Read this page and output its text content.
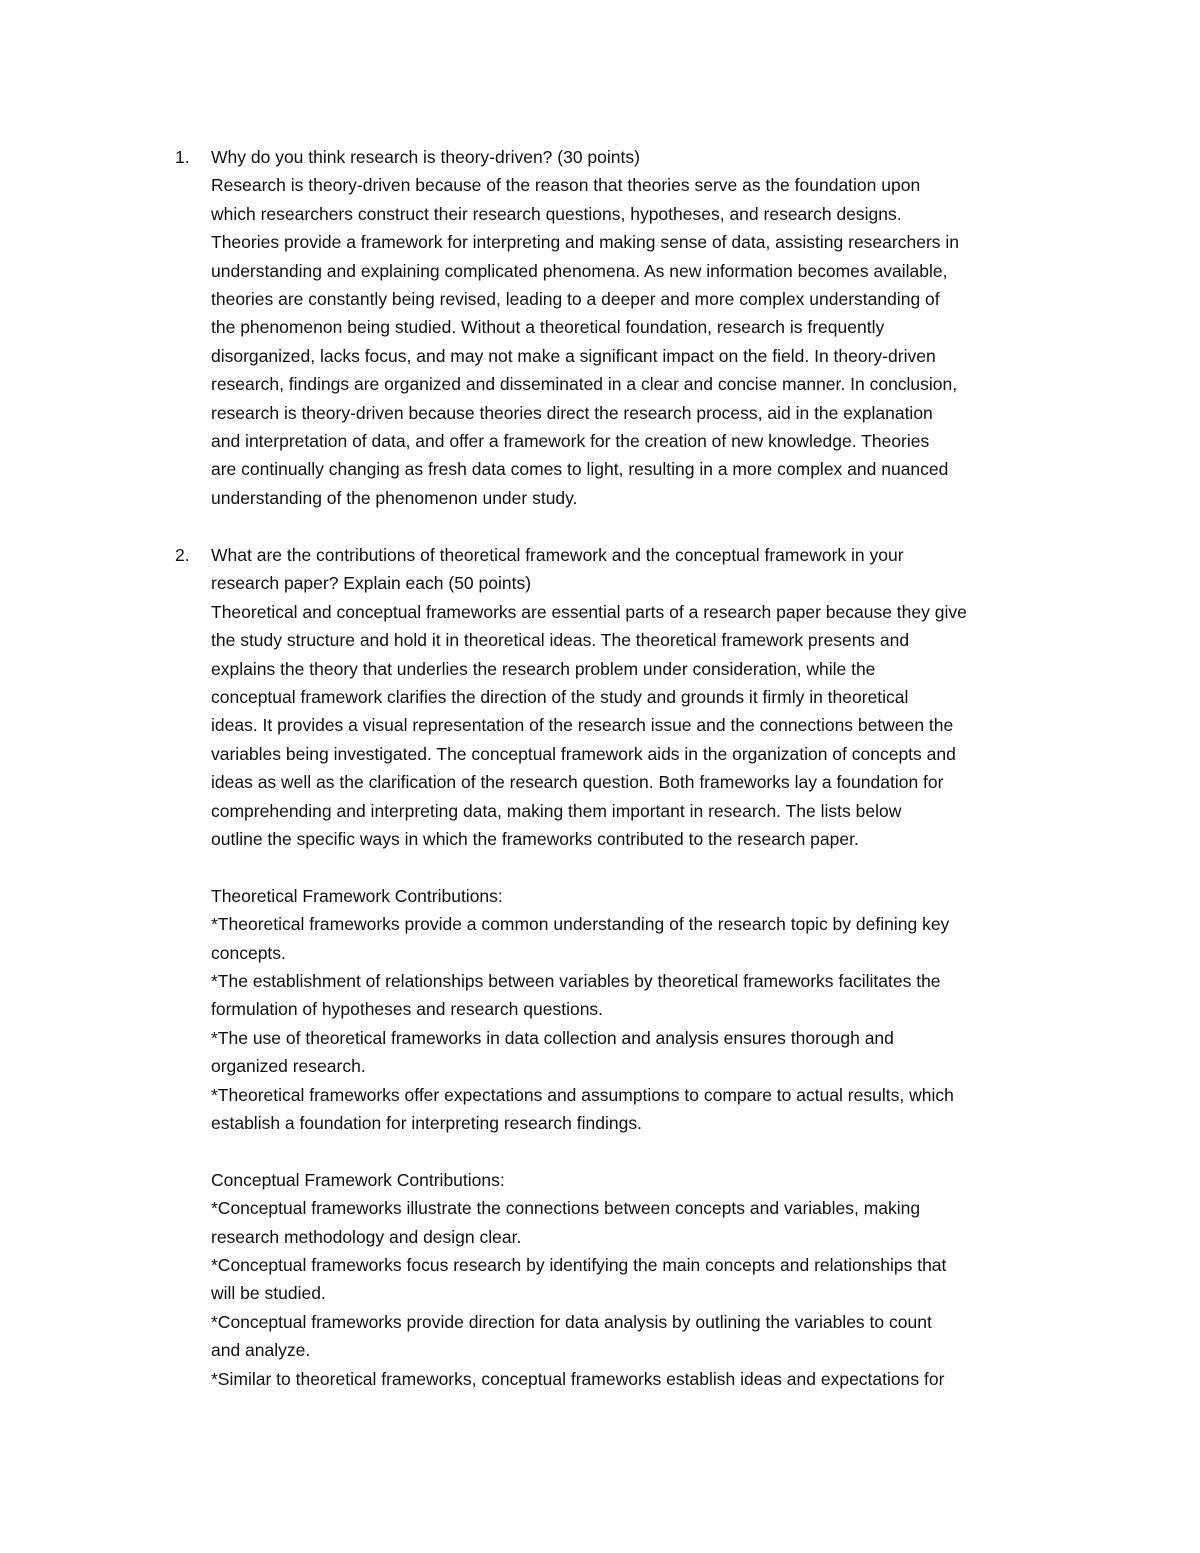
1. Why do you think research is theory-driven? (30 points)
Research is theory-driven because of the reason that theories serve as the foundation upon
which researchers construct their research questions, hypotheses, and research designs.
Theories provide a framework for interpreting and making sense of data, assisting researchers in
understanding and explaining complicated phenomena. As new information becomes available,
theories are constantly being revised, leading to a deeper and more complex understanding of
the phenomenon being studied. Without a theoretical foundation, research is frequently
disorganized, lacks focus, and may not make a significant impact on the field. In theory-driven
research, findings are organized and disseminated in a clear and concise manner. In conclusion,
research is theory-driven because theories direct the research process, aid in the explanation
and interpretation of data, and offer a framework for the creation of new knowledge. Theories
are continually changing as fresh data comes to light, resulting in a more complex and nuanced
understanding of the phenomenon under study.
2. What are the contributions of theoretical framework and the conceptual framework in your
research paper? Explain each (50 points)
Theoretical and conceptual frameworks are essential parts of a research paper because they give
the study structure and hold it in theoretical ideas. The theoretical framework presents and
explains the theory that underlies the research problem under consideration, while the
conceptual framework clarifies the direction of the study and grounds it firmly in theoretical
ideas. It provides a visual representation of the research issue and the connections between the
variables being investigated. The conceptual framework aids in the organization of concepts and
ideas as well as the clarification of the research question. Both frameworks lay a foundation for
comprehending and interpreting data, making them important in research. The lists below
outline the specific ways in which the frameworks contributed to the research paper.
Theoretical Framework Contributions:
*Theoretical frameworks provide a common understanding of the research topic by defining key
concepts.
*The establishment of relationships between variables by theoretical frameworks facilitates the
formulation of hypotheses and research questions.
*The use of theoretical frameworks in data collection and analysis ensures thorough and
organized research.
*Theoretical frameworks offer expectations and assumptions to compare to actual results, which
establish a foundation for interpreting research findings.
Conceptual Framework Contributions:
*Conceptual frameworks illustrate the connections between concepts and variables, making
research methodology and design clear.
*Conceptual frameworks focus research by identifying the main concepts and relationships that
will be studied.
*Conceptual frameworks provide direction for data analysis by outlining the variables to count
and analyze.
*Similar to theoretical frameworks, conceptual frameworks establish ideas and expectations for
